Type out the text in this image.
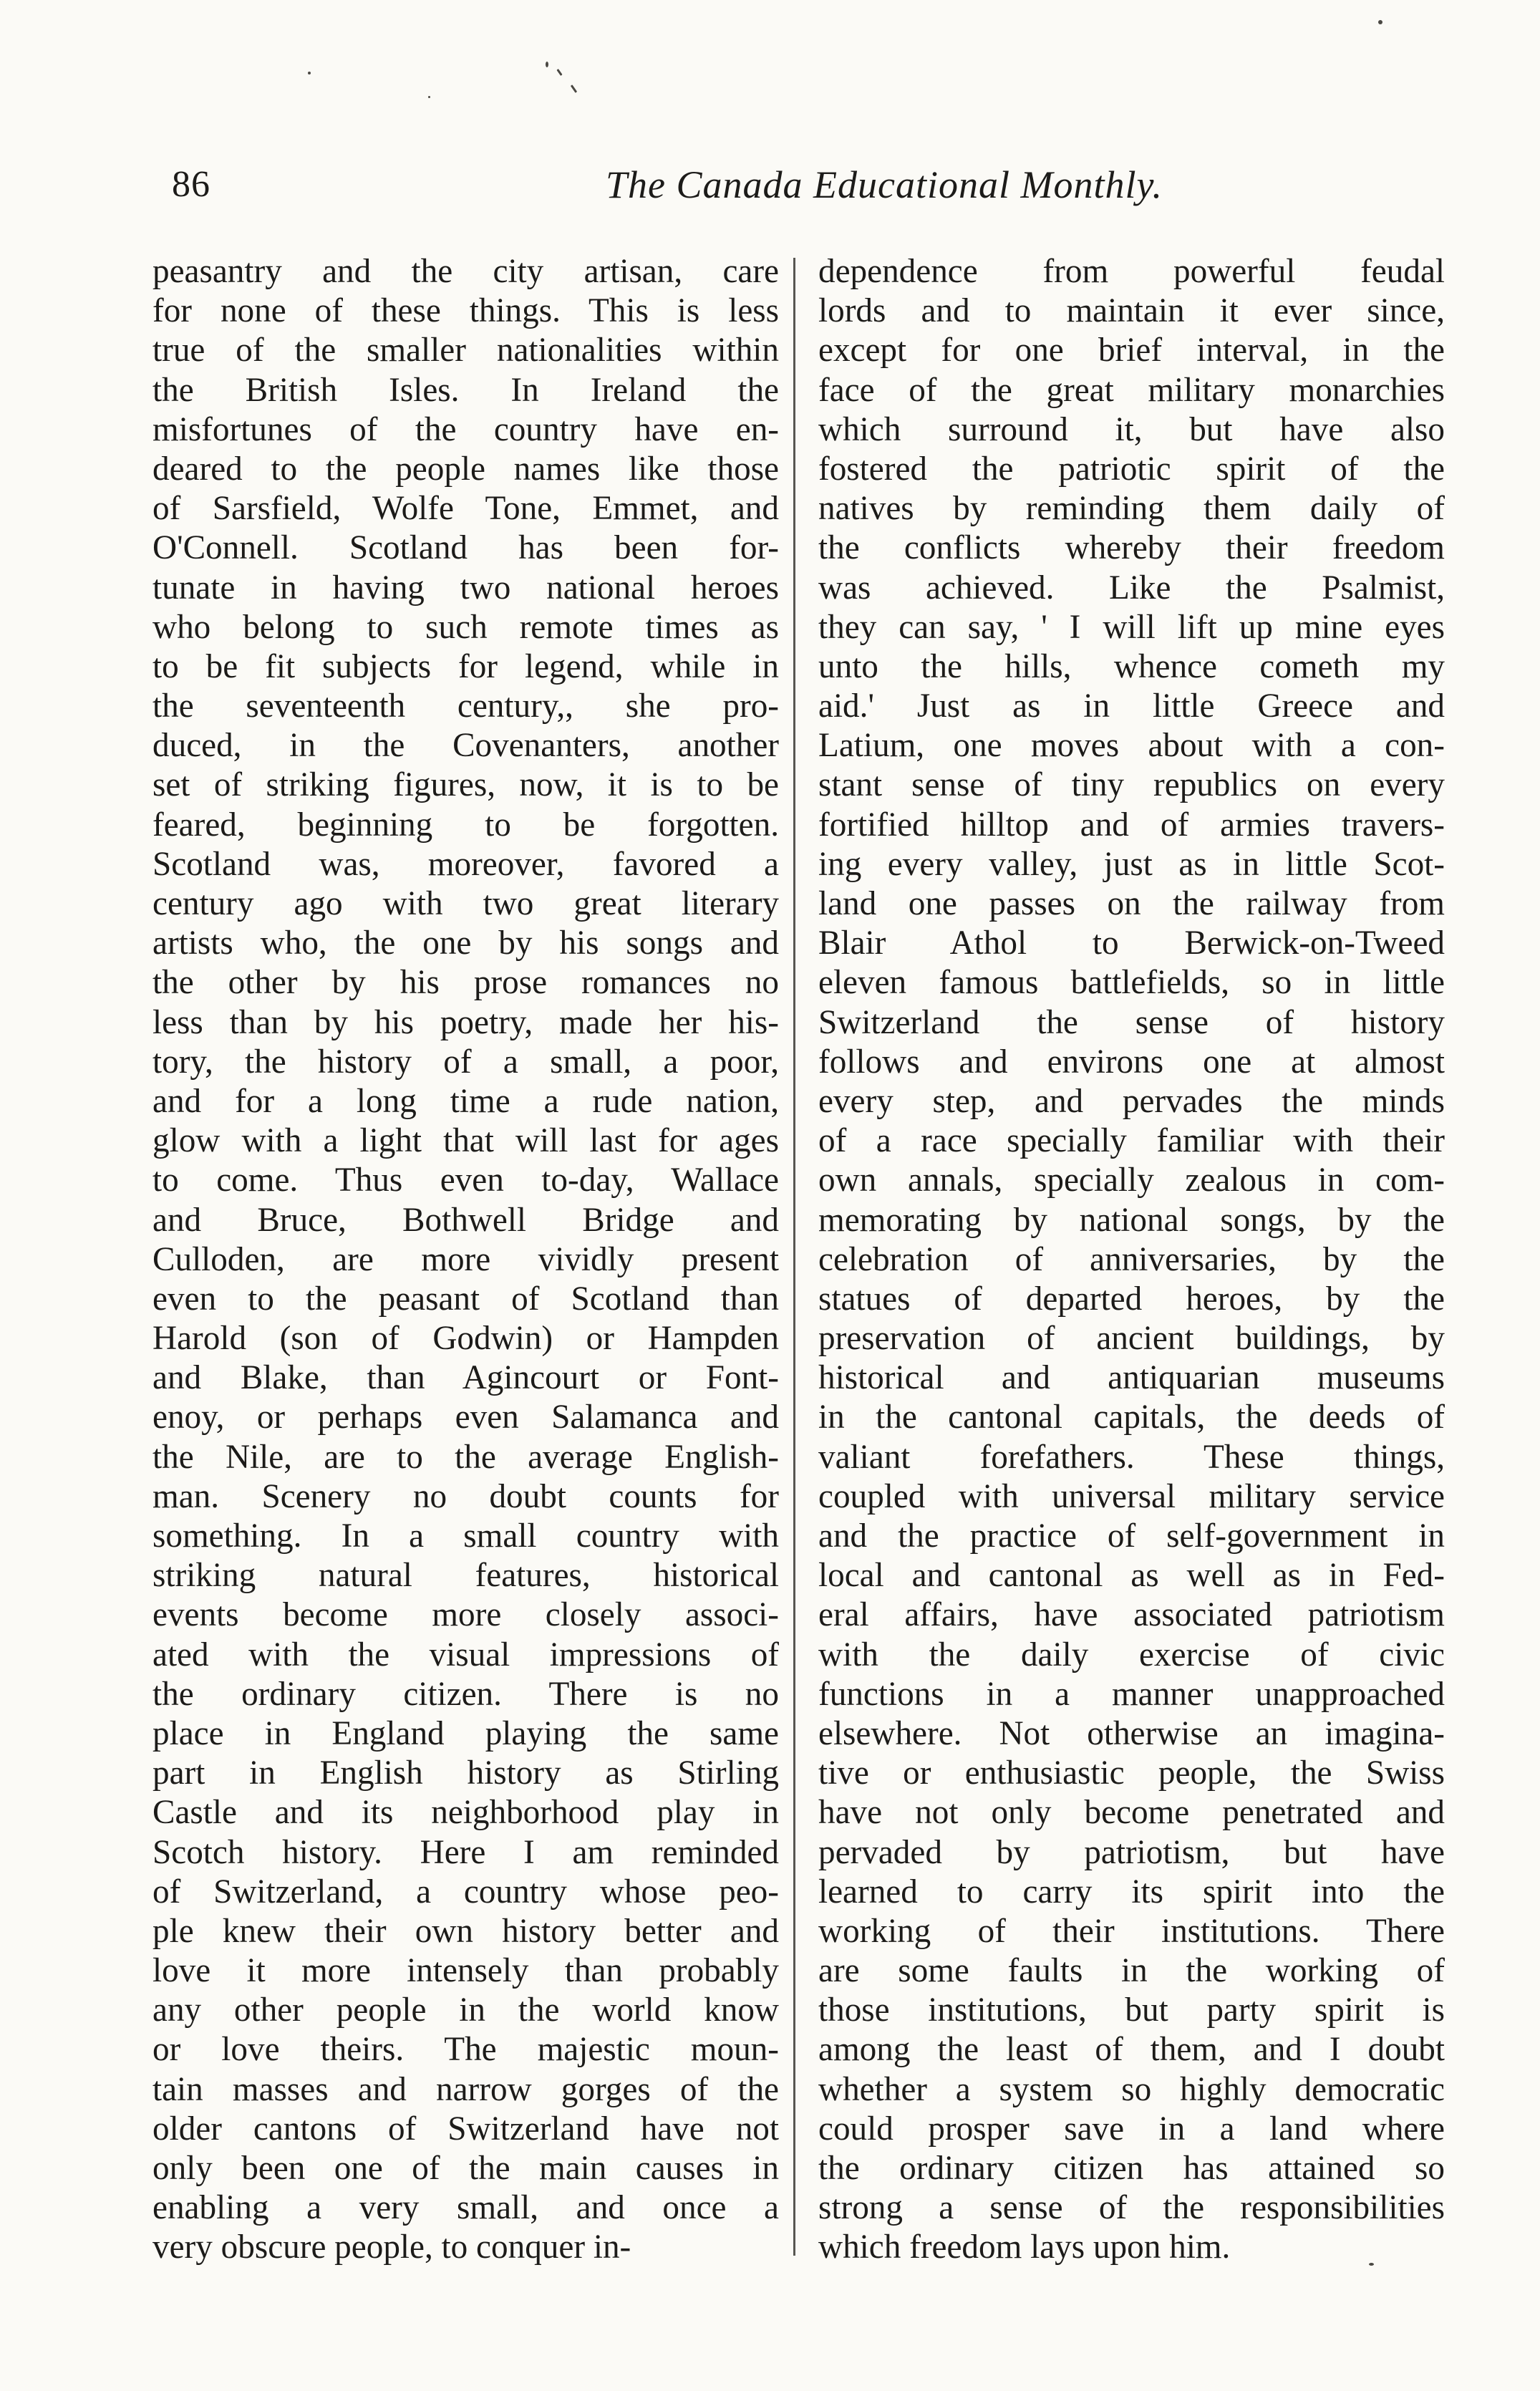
86	The Canada Educational Monthly.
peasantry and the city artisan, care
for none of these things. This is less
true of the smaller nationalities within
the British Isles. In Ireland the
misfortunes of the country have en-
deared to the people names like those
of Sarsfield, Wolfe Tone, Emmet, and
O'Connell. Scotland has been for-
tunate in having two national heroes
who belong to such remote times as
to be fit subjects for legend, while in
the seventeenth century,, she pro-
duced, in the Covenanters, another
set of striking figures, now, it is to be
feared, beginning to be forgotten.
Scotland was, moreover, favored a
century ago with two great literary
artists who, the one by his songs and
the other by his prose romances no
less than by his poetry, made her his-
tory, the history of a small, a poor,
and for a long time a rude nation,
glow with a light that will last for ages
to come. Thus even to-day, Wallace
and Bruce, Bothwell Bridge and
Culloden, are more vividly present
even to the peasant of Scotland than
Harold (son of Godwin) or Hampden
and Blake, than Agincourt or Font-
enoy, or perhaps even Salamanca and
the Nile, are to the average English-
man. Scenery no doubt counts for
something. In a small country with
striking natural features, historical
events become more closely associ-
ated with the visual impressions of
the ordinary citizen. There is no
place in England playing the same
part in English history as Stirling
Castle and its neighborhood play in
Scotch history. Here I am reminded
of Switzerland, a country whose peo-
ple knew their own history better and
love it more intensely than probably
any other people in the world know
or love theirs. The majestic moun-
tain masses and narrow gorges of the
older cantons of Switzerland have not
only been one of the main causes in
enabling a very small, and once a
very obscure people, to conquer in-
dependence from powerful feudal
lords and to maintain it ever since,
except for one brief interval, in the
face of the great military monarchies
which surround it, but have also
fostered the patriotic spirit of the
natives by reminding them daily of
the conflicts whereby their freedom
was achieved. Like the Psalmist,
they can say, ' I will lift up mine eyes
unto the hills, whence cometh my
aid.' Just as in little Greece and
Latium, one moves about with a con-
stant sense of tiny republics on every
fortified hilltop and of armies travers-
ing every valley, just as in little Scot-
land one passes on the railway from
Blair Athol to Berwick-on-Tweed
eleven famous battlefields, so in little
Switzerland the sense of history
follows and environs one at almost
every step, and pervades the minds
of a race specially familiar with their
own annals, specially zealous in com-
memorating by national songs, by the
celebration of anniversaries, by the
statues of departed heroes, by the
preservation of ancient buildings, by
historical and antiquarian museums
in the cantonal capitals, the deeds of
valiant forefathers. These things,
coupled with universal military service
and the practice of self-government in
local and cantonal as well as in Fed-
eral affairs, have associated patriotism
with the daily exercise of civic
functions in a manner unapproached
elsewhere. Not otherwise an imagina-
tive or enthusiastic people, the Swiss
have not only become penetrated and
pervaded by patriotism, but have
learned to carry its spirit into the
working of their institutions. There
are some faults in the working of
those institutions, but party spirit is
among the least of them, and I doubt
whether a system so highly democratic
could prosper save in a land where
the ordinary citizen has attained so
strong a sense of the responsibilities
which freedom lays upon him.
